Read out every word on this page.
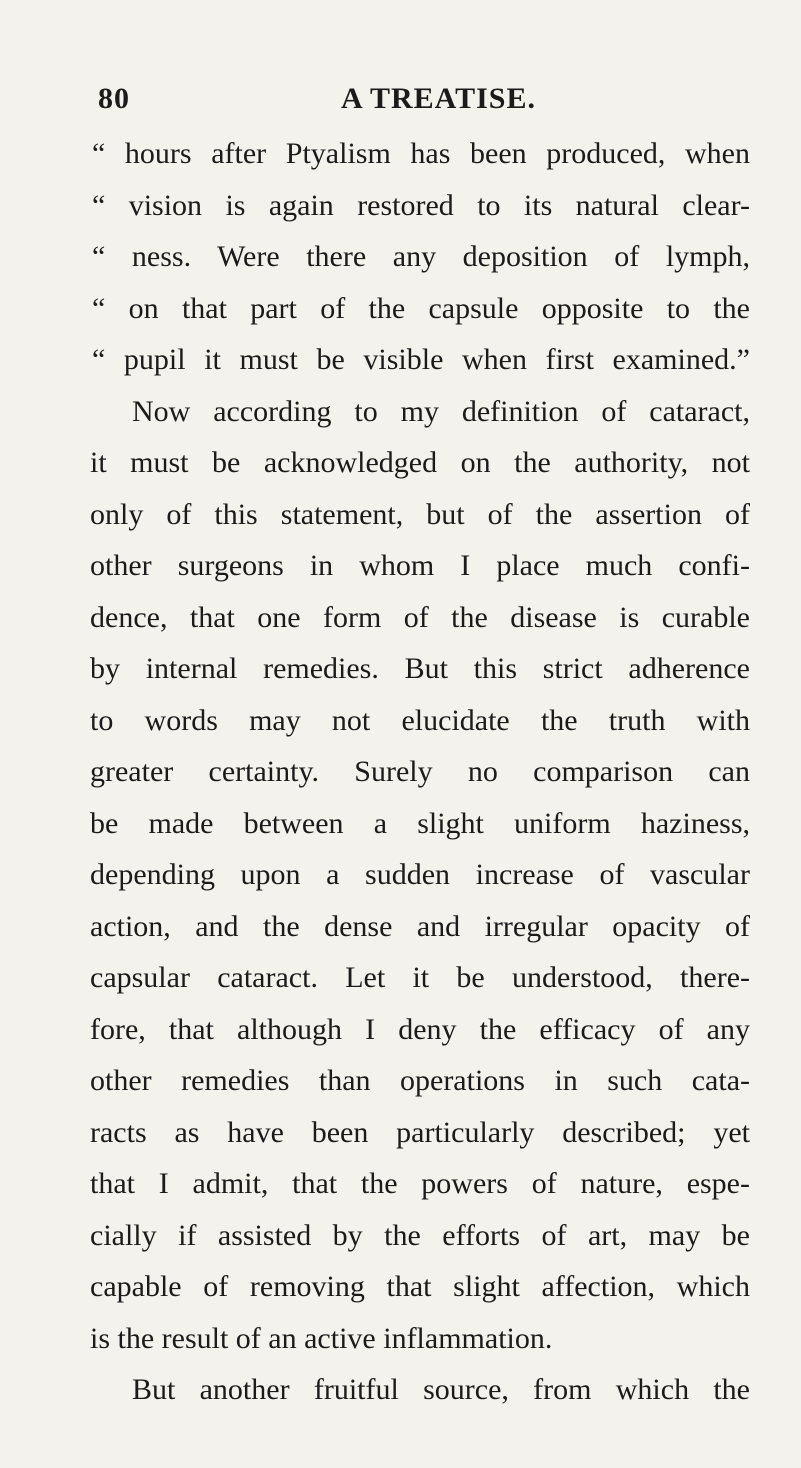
80	A TREATISE.
“ hours after Ptyalism has been produced, when
“ vision is again restored to its natural clear-
“ ness. Were there any deposition of lymph,
“ on that part of the capsule opposite to the
“ pupil it must be visible when first examined.”
Now according to my definition of cataract,
it must be acknowledged on the authority, not
only of this statement, but of the assertion of
other surgeons in whom I place much confi-
dence, that one form of the disease is curable
by internal remedies. But this strict adherence
to words may not elucidate the truth with
greater certainty. Surely no comparison can
be made between a slight uniform haziness,
depending upon a sudden increase of vascular
action, and the dense and irregular opacity of
capsular cataract. Let it be understood, there-
fore, that although I deny the efficacy of any
other remedies than operations in such cata-
racts as have been particularly described; yet
that I admit, that the powers of nature, espe-
cially if assisted by the efforts of art, may be
capable of removing that slight affection, which
is the result of an active inflammation.
But another fruitful source, from which the
